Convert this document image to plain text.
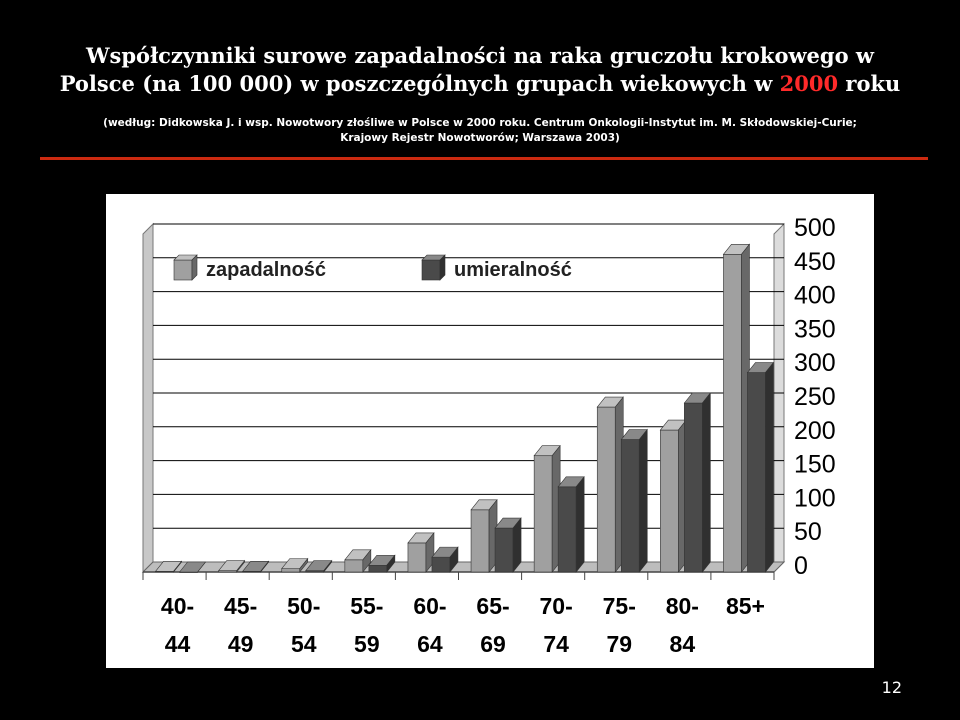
Współczynniki surowe zapadalności na raka gruczołu krokowego w
Polsce (na 100 000) w poszczególnych grupach wiekowych w 2000 roku
(według: Didkowska J. i wsp. Nowotwory złośliwe w Polsce w 2000 roku. Centrum Onkologii-Instytut im. M. Skłodowskiej-Curie;
Krajowy Rejestr Nowotworów; Warszawa 2003)
40-
44
45-
49
50-
54
55-
59
60-
64
65-
69
70-
74
75-
79
80-
84
85+
0
50
100
150
200
250
300
350
400
450
500
zapadalność	umieralność
12
